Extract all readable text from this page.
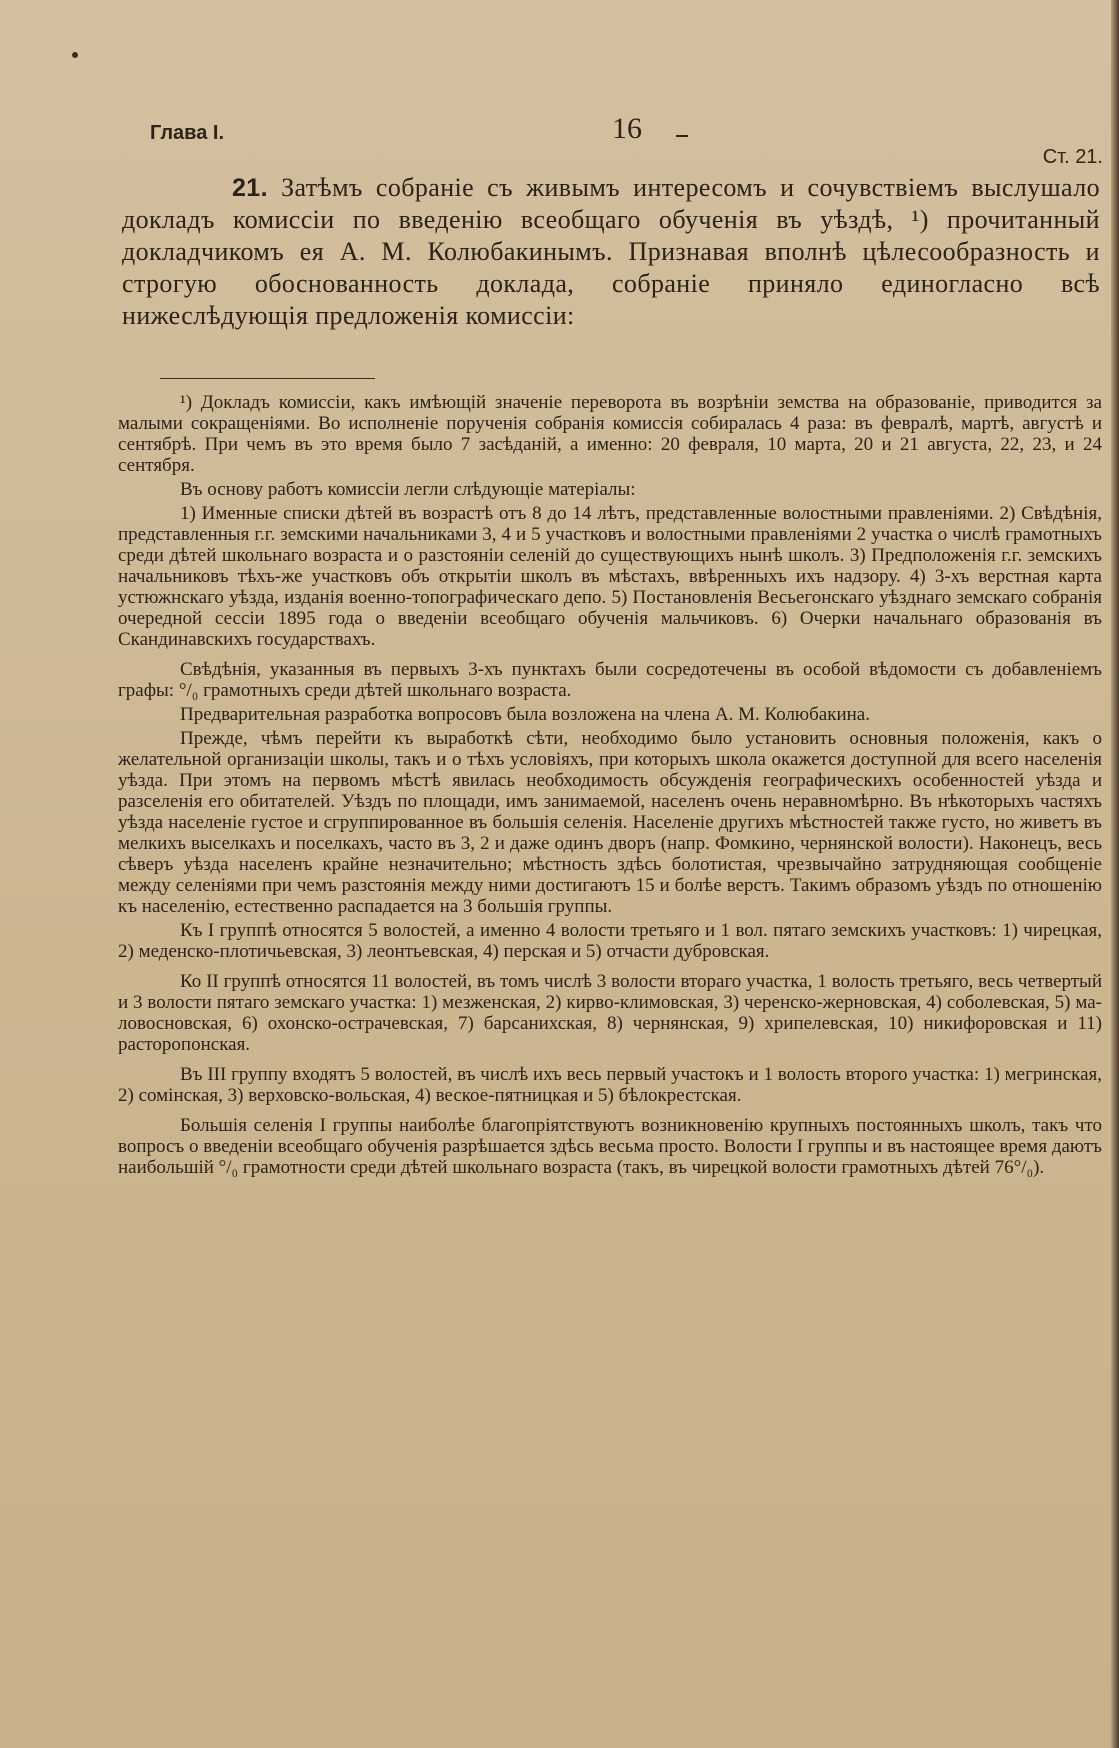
Глава I.	16
Ст. 21.

21. Затѣмъ собраніе съ живымъ интересомъ и сочувствіемъ выслушало докладъ комиссіи по введенію всеобщаго обученія въ уѣздѣ, ¹) прочитанный докладчикомъ ея А. М. Колюбакинымъ. Признавая вполнѣ цѣлесообразность и строгую обоснованность доклада, собраніе приняло единогласно всѣ нижеслѣдующія предложенія комиссіи:

¹) Докладъ комиссіи, какъ имѣющій значеніе переворота въ возрѣніи земства на образованіе, приводится за малыми сокращеніями. Во исполненіе порученія собранія комиссія собиралась 4 раза: въ февралѣ, мартѣ, августѣ и сентябрѣ. При чемъ въ это время было 7 засѣданій, а именно: 20 февраля, 10 марта, 20 и 21 августа, 22, 23, и 24 сентября.

Въ основу работъ комиссіи легли слѣдующіе матеріалы:

1) Именные списки дѣтей въ возрастѣ отъ 8 до 14 лѣтъ, представленные волостными правленіями. 2) Свѣдѣнія, представленныя г.г. земскими начальниками 3, 4 и 5 участковъ и волостными правленіями 2 участка о числѣ грамотныхъ среди дѣтей школьнаго возраста и о разстояніи селеній до существующихъ нынѣ школъ. 3) Предположенія г.г. земскихъ начальниковъ тѣхъ-же участковъ объ открытіи школъ въ мѣстахъ, ввѣренныхъ ихъ надзору. 4) 3-хъ верстная карта устюжнскаго уѣзда, изданія военно-топографическаго депо. 5) Постановленія Весьегонскаго уѣзднаго земскаго собранія очередной сессіи 1895 года о введеніи всеобщаго обученія мальчиковъ. 6) Очерки начальнаго образованія въ Скандинавскихъ государствахъ.

Свѣдѣнія, указанныя въ первыхъ 3-хъ пунктахъ были сосредотечены въ особой вѣдомости съ добавленіемъ графы: °/₀ грамотныхъ среди дѣтей школьнаго возраста.

Предварительная разработка вопросовъ была возложена на члена А. М. Колюбакина.

Прежде, чѣмъ перейти къ выработкѣ сѣти, необходимо было установить основныя положенія, какъ о желательной организаціи школы, такъ и о тѣхъ условіяхъ, при которыхъ школа окажется доступной для всего населенія уѣзда. При этомъ на первомъ мѣстѣ явилась необходимость обсужденія географическихъ особенностей уѣзда и разселенія его обитателей. Уѣздъ по площади, имъ занимаемой, населенъ очень неравномѣрно. Въ нѣкоторыхъ частяхъ уѣзда населеніе густое и сгруппированное въ большія селенія. Населеніе другихъ мѣстностей также густо, но живетъ въ мелкихъ выселкахъ и поселкахъ, часто въ 3, 2 и даже одинъ дворъ (напр. Фомкино, чернянской волости). Наконецъ, весь сѣверъ уѣзда населенъ крайне незначительно; мѣстность здѣсь болотистая, чрезвычайно затрудняющая сообщеніе между селеніями при чемъ разстоянія между ними достигаютъ 15 и болѣе верстъ. Такимъ образомъ уѣздъ по отношенію къ населенію, естественно распадается на 3 большія группы.

Къ I группѣ относятся 5 волостей, а именно 4 волости третьяго и 1 вол. пятаго земскихъ участковъ: 1) чирецкая, 2) меденско-плотичьевская, 3) леонтьевская, 4) перская и 5) отчасти дубровская.

Ко II группѣ относятся 11 волостей, въ томъ числѣ 3 волости втораго участка, 1 волость третьяго, весь четвертый и 3 волости пятаго земскаго участка: 1) мезженская, 2) кирво-климовская, 3) черенско-жерновская, 4) соболевская, 5) ма- ловосновская, 6) охонско-острачевская, 7) барсанихская, 8) чернянская, 9) хрипелевская, 10) никифоровская и 11) расторопонская.

Въ III группу входятъ 5 волостей, въ числѣ ихъ весь первый участокъ и 1 волость второго участка: 1) мегринская, 2) сомінская, 3) верховско-вольская, 4) веское-пятницкая и 5) бѣлокрестская.

Большія селенія I группы наиболѣе благопріятствуютъ возникновенію крупныхъ постоянныхъ школъ, такъ что вопросъ о введеніи всеобщаго обученія разрѣшается здѣсь весьма просто. Волости I группы и въ настоящее время даютъ наибольшій °/₀ грамотности среди дѣтей школьнаго возраста (такъ, въ чирецкой волости грамотныхъ дѣтей 76°/₀).
